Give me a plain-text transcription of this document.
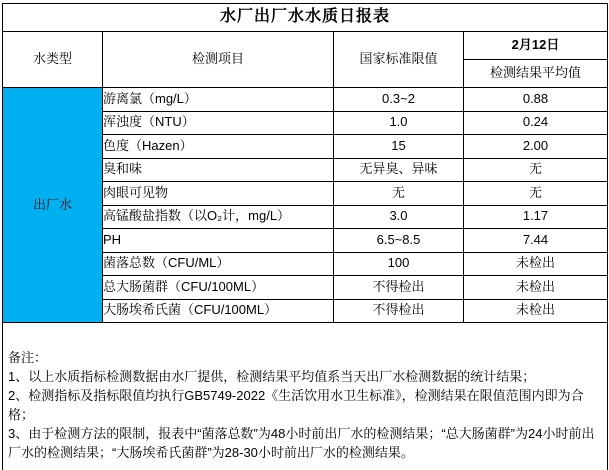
水厂出厂水水质日报表			
水类型	检测项目	国家标准限值	2月12日
			检测结果平均值
出厂水	游离氯（mg/L）	0.3~2	0.88
	浑浊度（NTU）	1.0	0.24
	色度（Hazen）	15	2.00
	臭和味	无异臭、异味	无
	肉眼可见物	无	无
	高锰酸盐指数（以O₂计，mg/L）	3.0	1.17
	PH	6.5~8.5	7.44
	菌落总数（CFU/ML）	100	未检出
	总大肠菌群（CFU/100ML）	不得检出	未检出
	大肠埃希氏菌（CFU/100ML）	不得检出	未检出

备注：
1、以上水质指标检测数据由水厂提供，检测结果平均值系当天出厂水检测数据的统计结果；
2、检测指标及指标限值均执行GB5749-2022《生活饮用水卫生标准》，检测结果在限值范围内即为合格；
3、由于检测方法的限制，报表中“菌落总数”为48小时前出厂水的检测结果；“总大肠菌群”为24小时前出厂水的检测结果；“大肠埃希氏菌群”为28-30小时前出厂水的检测结果。			
